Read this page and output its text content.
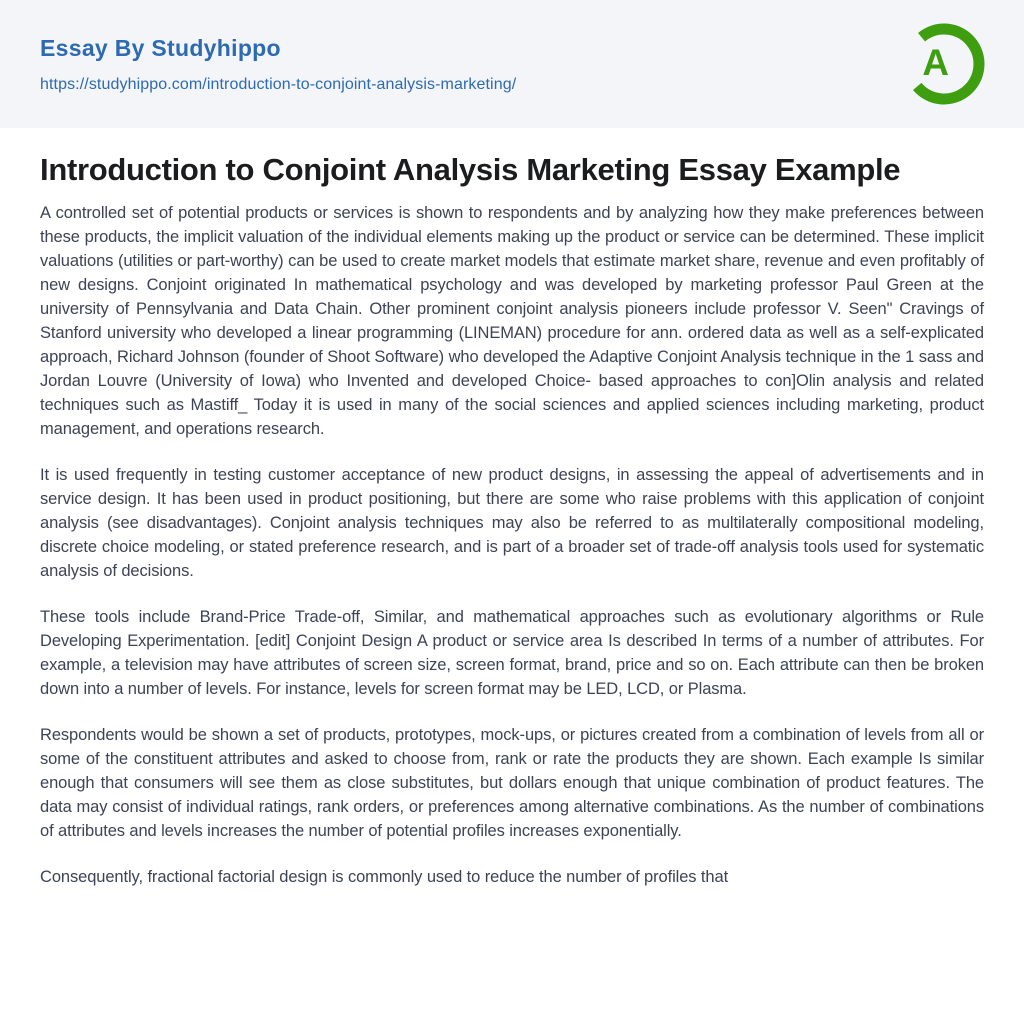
Essay By Studyhippo
https://studyhippo.com/introduction-to-conjoint-analysis-marketing/
A
Introduction to Conjoint Analysis Marketing Essay Example

A controlled set of potential products or services is shown to respondents and by analyzing how they make preferences between these products, the implicit valuation of the individual elements making up the product or service can be determined. These implicit valuations (utilities or part-worthy) can be used to create market models that estimate market share, revenue and even profitably of new designs. Conjoint originated In mathematical psychology and was developed by marketing professor Paul Green at the university of Pennsylvania and Data Chain. Other prominent conjoint analysis pioneers include professor V. Seen" Cravings of Stanford university who developed a linear programming (LINEMAN) procedure for ann. ordered data as well as a self-explicated approach, Richard Johnson (founder of Shoot Software) who developed the Adaptive Conjoint Analysis technique in the 1 sass and Jordan Louvre (University of Iowa) who Invented and developed Choice- based approaches to con]Olin analysis and related techniques such as Mastiff_ Today it is used in many of the social sciences and applied sciences including marketing, product management, and operations research.

It is used frequently in testing customer acceptance of new product designs, in assessing the appeal of advertisements and in service design. It has been used in product positioning, but there are some who raise problems with this application of conjoint analysis (see disadvantages). Conjoint analysis techniques may also be referred to as multilaterally compositional modeling, discrete choice modeling, or stated preference research, and is part of a broader set of trade-off analysis tools used for systematic analysis of decisions.

These tools include Brand-Price Trade-off, Similar, and mathematical approaches such as evolutionary algorithms or Rule Developing Experimentation. [edit] Conjoint Design A product or service area Is described In terms of a number of attributes. For example, a television may have attributes of screen size, screen format, brand, price and so on. Each attribute can then be broken down into a number of levels. For instance, levels for screen format may be LED, LCD, or Plasma.

Respondents would be shown a set of products, prototypes, mock-ups, or pictures created from a combination of levels from all or some of the constituent attributes and asked to choose from, rank or rate the products they are shown. Each example Is similar enough that consumers will see them as close substitutes, but dollars enough that unique combination of product features. The data may consist of individual ratings, rank orders, or preferences among alternative combinations. As the number of combinations of attributes and levels increases the number of potential profiles increases exponentially.

Consequently, fractional factorial design is commonly used to reduce the number of profiles that
